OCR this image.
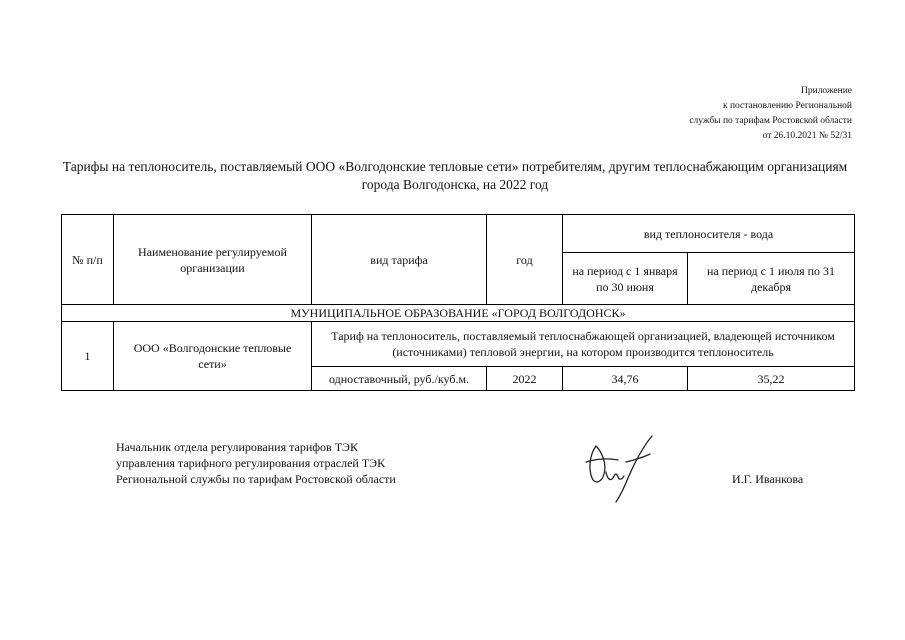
Приложение
к постановлению Региональной
службы по тарифам Ростовской области
от 26.10.2021 № 52/31
Тарифы на теплоноситель, поставляемый ООО «Волгодонские тепловые сети» потребителям, другим теплоснабжающим организациям
города Волгодонска, на 2022 год
№ п/п	Наименование регулируемой организации	вид тарифа	год	вид теплоносителя - вода	
				на период с 1 января по 30 июня	на период с 1 июля по 31 декабря
МУНИЦИПАЛЬНОЕ ОБРАЗОВАНИЕ «ГОРОД ВОЛГОДОНСК»					
1	ООО «Волгодонские тепловые сети»	Тариф на теплоноситель, поставляемый теплоснабжающей организацией, владеющей источником (источниками) тепловой энергии, на котором производится теплоноситель			
		одноставочный, руб./куб.м.	2022	34,76	35,22
Начальник отдела регулирования тарифов ТЭК
управления тарифного регулирования отраслей ТЭК
Региональной службы по тарифам Ростовской области	И.Г. Иванкова
